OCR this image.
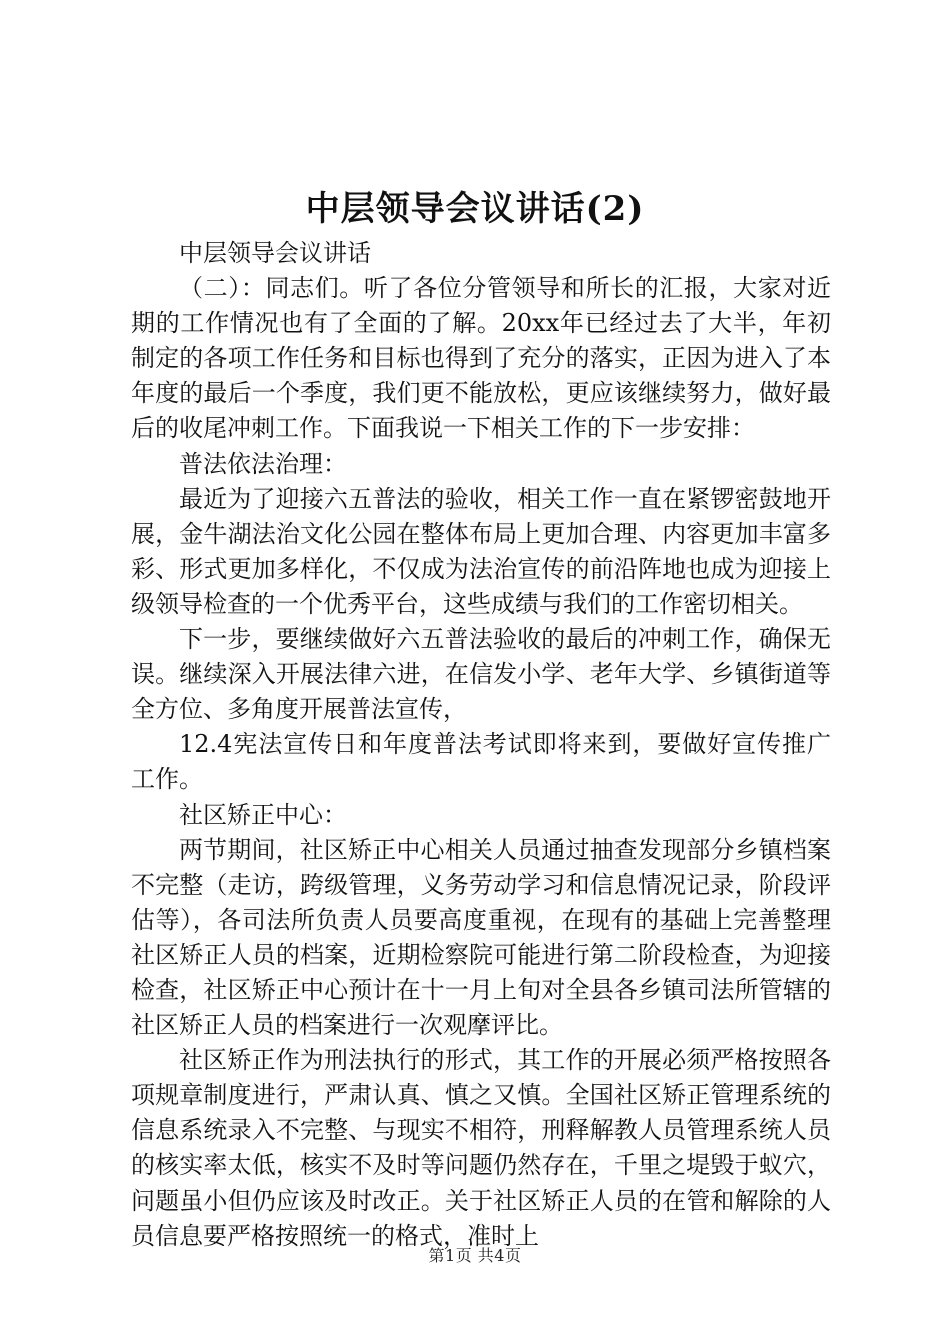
中层领导会议讲话(2)

中层领导会议讲话

（二）：同志们。听了各位分管领导和所长的汇报，大家对近期的工作情况也有了全面的了解。20xx年已经过去了大半，年初制定的各项工作任务和目标也得到了充分的落实，正因为进入了本年度的最后一个季度，我们更不能放松，更应该继续努力，做好最后的收尾冲刺工作。下面我说一下相关工作的下一步安排：

普法依法治理：

最近为了迎接六五普法的验收，相关工作一直在紧锣密鼓地开展，金牛湖法治文化公园在整体布局上更加合理、内容更加丰富多彩、形式更加多样化，不仅成为法治宣传的前沿阵地也成为迎接上级领导检查的一个优秀平台，这些成绩与我们的工作密切相关。

下一步，要继续做好六五普法验收的最后的冲刺工作，确保无误。继续深入开展法律六进，在信发小学、老年大学、乡镇街道等全方位、多角度开展普法宣传，

12.4宪法宣传日和年度普法考试即将来到，要做好宣传推广工作。

社区矫正中心：

两节期间，社区矫正中心相关人员通过抽查发现部分乡镇档案不完整（走访，跨级管理，义务劳动学习和信息情况记录，阶段评估等），各司法所负责人员要高度重视，在现有的基础上完善整理社区矫正人员的档案，近期检察院可能进行第二阶段检查，为迎接检查，社区矫正中心预计在十一月上旬对全县各乡镇司法所管辖的社区矫正人员的档案进行一次观摩评比。

社区矫正作为刑法执行的形式，其工作的开展必须严格按照各项规章制度进行，严肃认真、慎之又慎。全国社区矫正管理系统的信息系统录入不完整、与现实不相符，刑释解教人员管理系统人员的核实率太低，核实不及时等问题仍然存在，千里之堤毁于蚁穴，问题虽小但仍应该及时改正。关于社区矫正人员的在管和解除的人员信息要严格按照统一的格式，准时上

第1页 共4页
